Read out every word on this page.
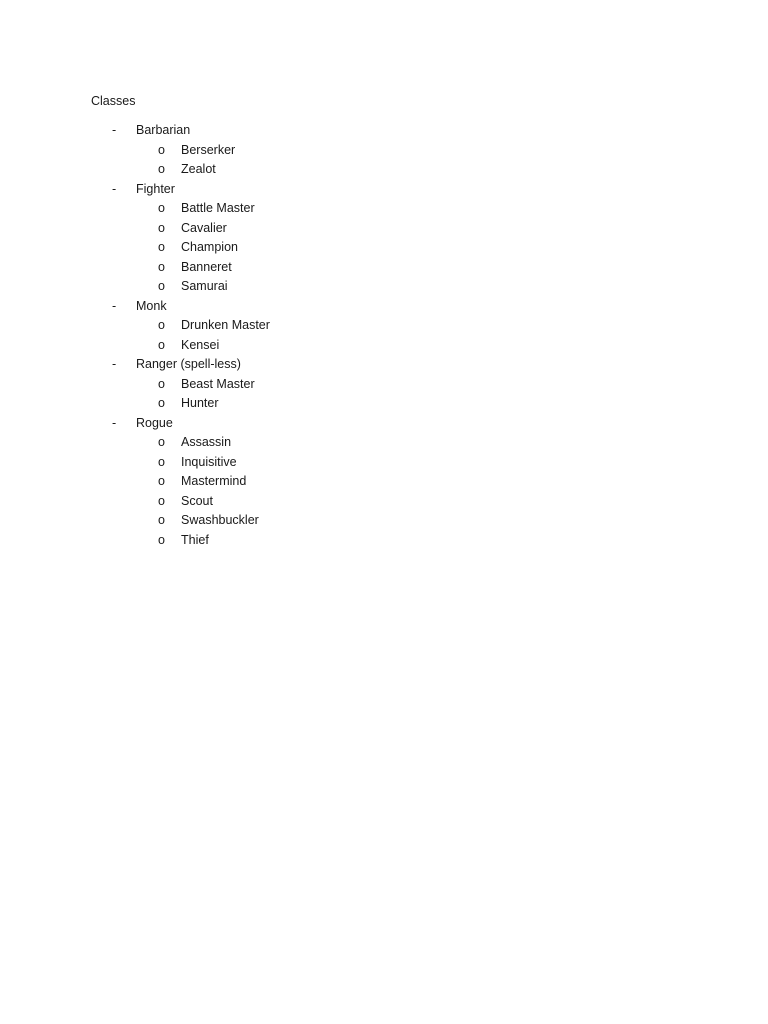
Classes
- Barbarian
o Berserker
o Zealot
- Fighter
o Battle Master
o Cavalier
o Champion
o Banneret
o Samurai
- Monk
o Drunken Master
o Kensei
- Ranger (spell-less)
o Beast Master
o Hunter
- Rogue
o Assassin
o Inquisitive
o Mastermind
o Scout
o Swashbuckler
o Thief
